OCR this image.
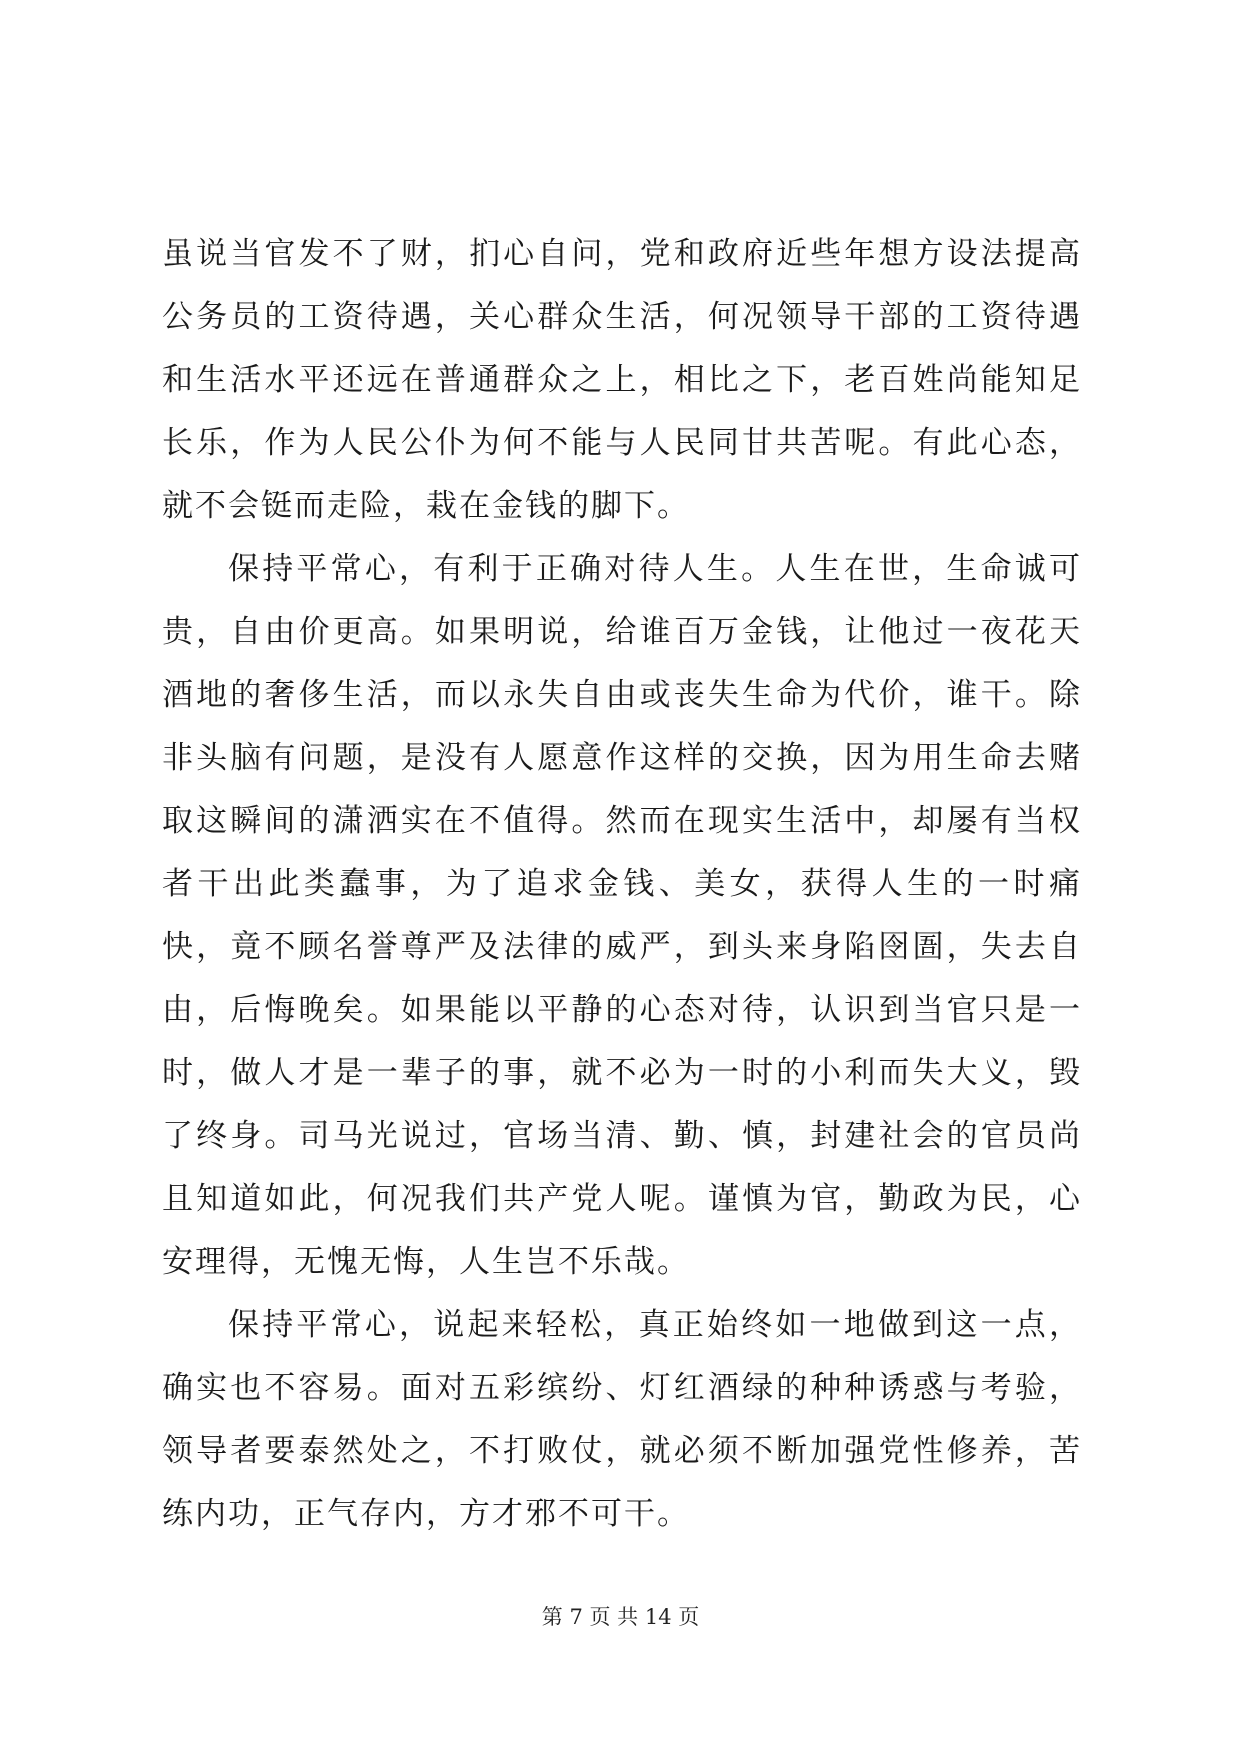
虽说当官发不了财，扪心自问，党和政府近些年想方设法提高公务员的工资待遇，关心群众生活，何况领导干部的工资待遇和生活水平还远在普通群众之上，相比之下，老百姓尚能知足长乐，作为人民公仆为何不能与人民同甘共苦呢。有此心态，就不会铤而走险，栽在金钱的脚下。

保持平常心，有利于正确对待人生。人生在世，生命诚可贵，自由价更高。如果明说，给谁百万金钱，让他过一夜花天酒地的奢侈生活，而以永失自由或丧失生命为代价，谁干。除非头脑有问题，是没有人愿意作这样的交换，因为用生命去赌取这瞬间的潇洒实在不值得。然而在现实生活中，却屡有当权者干出此类蠢事，为了追求金钱、美女，获得人生的一时痛快，竟不顾名誉尊严及法律的威严，到头来身陷囹圄，失去自由，后悔晚矣。如果能以平静的心态对待，认识到当官只是一时，做人才是一辈子的事，就不必为一时的小利而失大义，毁了终身。司马光说过，官场当清、勤、慎，封建社会的官员尚且知道如此，何况我们共产党人呢。谨慎为官，勤政为民，心安理得，无愧无悔，人生岂不乐哉。

保持平常心，说起来轻松，真正始终如一地做到这一点，确实也不容易。面对五彩缤纷、灯红酒绿的种种诱惑与考验，领导者要泰然处之，不打败仗，就必须不断加强党性修养，苦练内功，正气存内，方才邪不可干。

第 7 页 共 14 页
